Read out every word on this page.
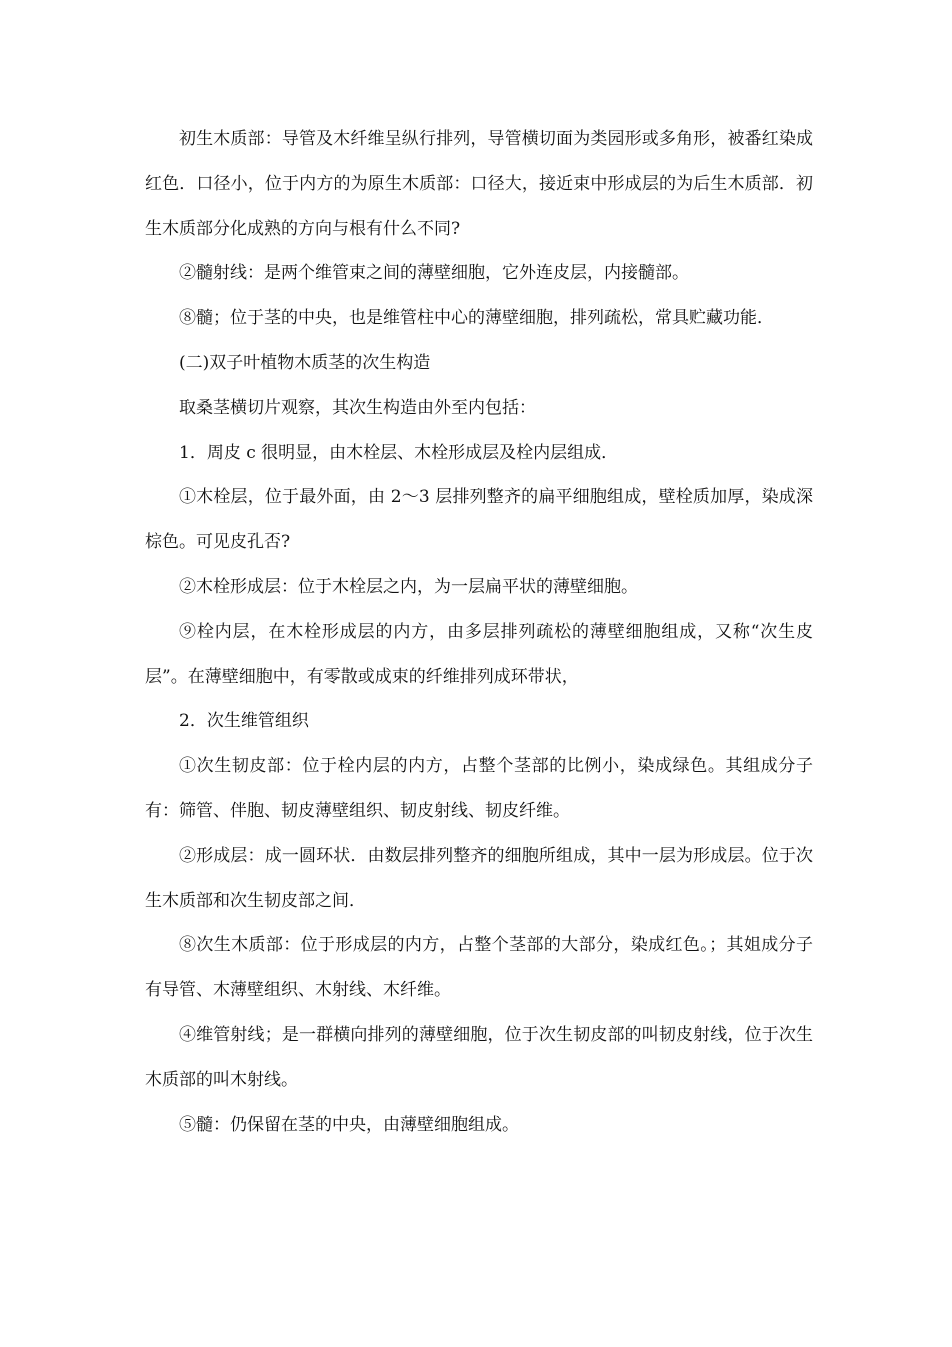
初生木质部：导管及木纤维呈纵行排列，导管横切面为类园形或多角形，被番红染成红色．口径小，位于内方的为原生木质部：口径大，接近束中形成层的为后生木质部．初生木质部分化成熟的方向与根有什么不同?

②髓射线：是两个维管束之间的薄壁细胞，它外连皮层，内接髓部。

⑧髓；位于茎的中央，也是维管柱中心的薄壁细胞，排列疏松，常具贮藏功能．

(二)双子叶植物木质茎的次生构造

取桑茎横切片观察，其次生构造由外至内包括：

1．周皮 c 很明显，由木栓层、木栓形成层及栓内层组成．

①木栓层，位于最外面，由 2～3 层排列整齐的扁平细胞组成，壁栓质加厚，染成深棕色。可见皮孔否?

②木栓形成层：位于木栓层之内，为一层扁平状的薄壁细胞。

⑨栓内层，在木栓形成层的内方，由多层排列疏松的薄壁细胞组成，又称“次生皮层”。在薄壁细胞中，有零散或成束的纤维排列成环带状，

2．次生维管组织

①次生韧皮部：位于栓内层的内方，占整个茎部的比例小，染成绿色。其组成分子有：筛管、伴胞、韧皮薄壁组织、韧皮射线、韧皮纤维。

②形成层：成一圆环状．由数层排列整齐的细胞所组成，其中一层为形成层。位于次生木质部和次生韧皮部之间．

⑧次生木质部：位于形成层的内方，占整个茎部的大部分，染成红色。；其姐成分子有导管、木薄壁组织、木射线、木纤维。

④维管射线；是一群横向排列的薄壁细胞，位于次生韧皮部的叫韧皮射线，位于次生木质部的叫木射线。

⑤髓：仍保留在茎的中央，由薄壁细胞组成。
